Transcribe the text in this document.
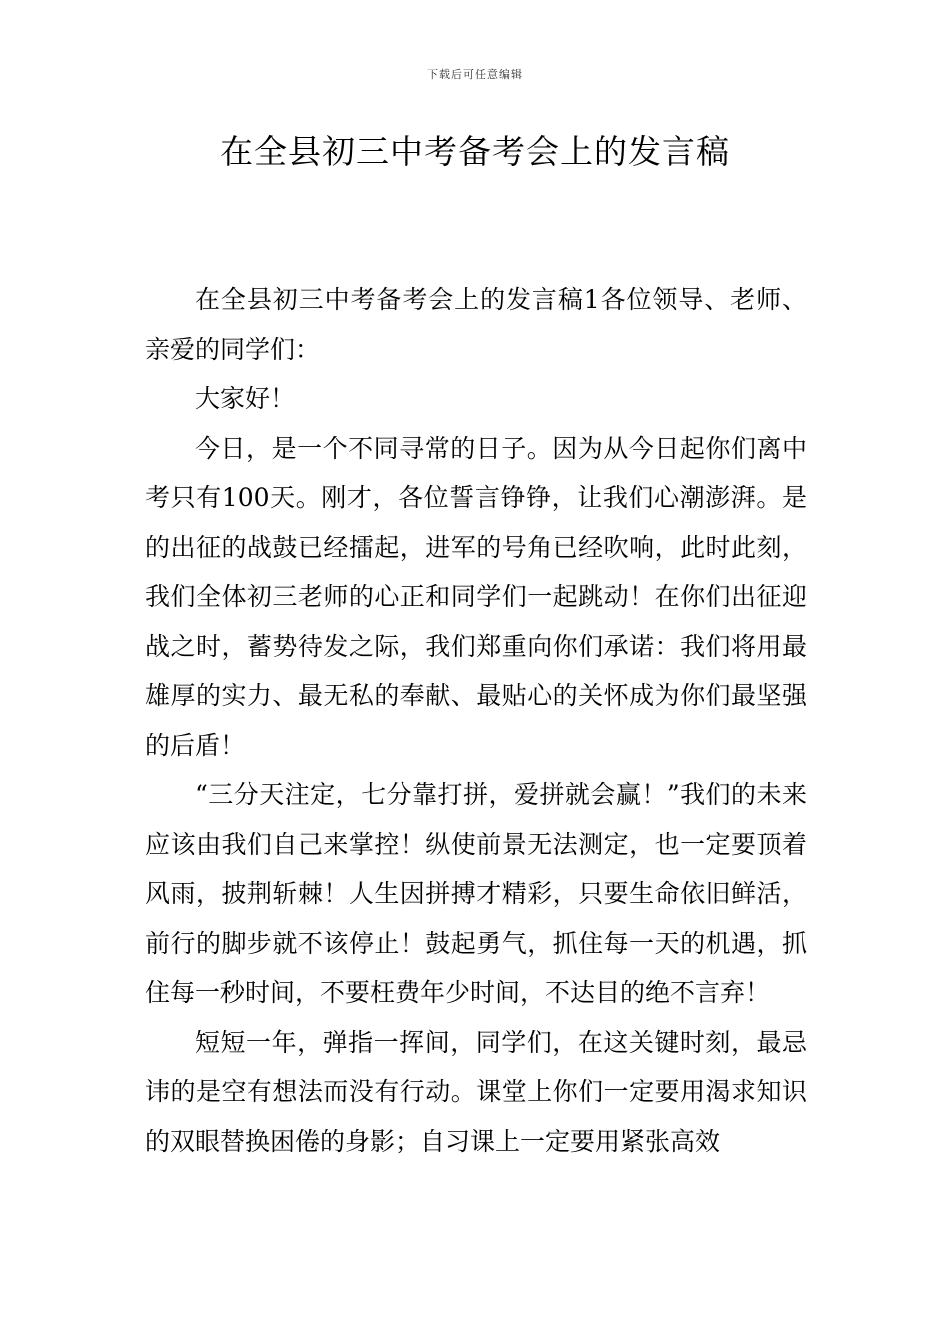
下载后可任意编辑
在全县初三中考备考会上的发言稿

在全县初三中考备考会上的发言稿1各位领导、老师、亲爱的同学们：

大家好！

今日，是一个不同寻常的日子。因为从今日起你们离中考只有100天。刚才，各位誓言铮铮，让我们心潮澎湃。是的出征的战鼓已经擂起，进军的号角已经吹响，此时此刻，我们全体初三老师的心正和同学们一起跳动！在你们出征迎战之时，蓄势待发之际，我们郑重向你们承诺：我们将用最雄厚的实力、最无私的奉献、最贴心的关怀成为你们最坚强的后盾！

“三分天注定，七分靠打拼，爱拼就会赢！”我们的未来应该由我们自己来掌控！纵使前景无法测定，也一定要顶着风雨，披荆斩棘！人生因拼搏才精彩，只要生命依旧鲜活，前行的脚步就不该停止！鼓起勇气，抓住每一天的机遇，抓住每一秒时间，不要枉费年少时间，不达目的绝不言弃！

短短一年，弹指一挥间，同学们，在这关键时刻，最忌讳的是空有想法而没有行动。课堂上你们一定要用渴求知识的双眼替换困倦的身影；自习课上一定要用紧张高效
